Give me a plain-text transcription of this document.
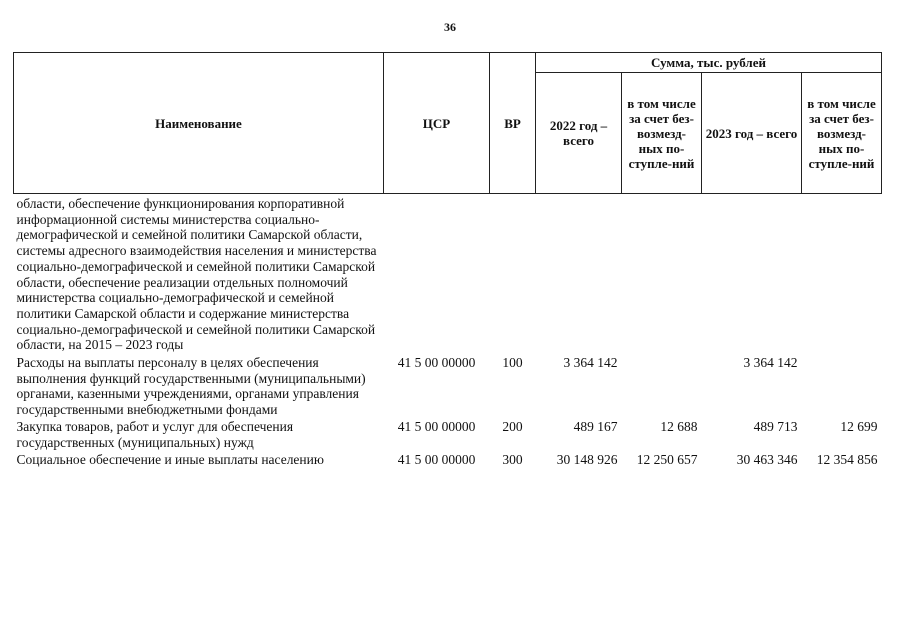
36
Наименование	ЦСР	ВР	Сумма, тыс. рублей			
			2022 год – всего	в том числе за счет без-возмезд-ных по-ступле-ний	2023 год – всего	в том числе за счет без-возмезд-ных по-ступле-ний
области, обеспечение функционирования корпоративной информационной системы министерства социально-демографической и семейной политики Самарской области, системы адресного взаимодействия населения и министерства социально-демографической и семейной политики Самарской области, обеспечение реализации отдельных полномочий министерства социально-демографической и семейной политики Самарской области и содержание министерства социально-демографической и семейной политики Самарской области, на 2015 – 2023 годы						
Расходы на выплаты персоналу в целях обеспечения выполнения функций государственными (муниципальными) органами, казенными учреждениями, органами управления государственными внебюджетными фондами	41 5 00 00000	100	3 364 142		3 364 142	
Закупка товаров, работ и услуг для обеспечения государственных (муниципальных) нужд	41 5 00 00000	200	489 167	12 688	489 713	12 699
Социальное обеспечение и иные выплаты населению	41 5 00 00000	300	30 148 926	12 250 657	30 463 346	12 354 856
